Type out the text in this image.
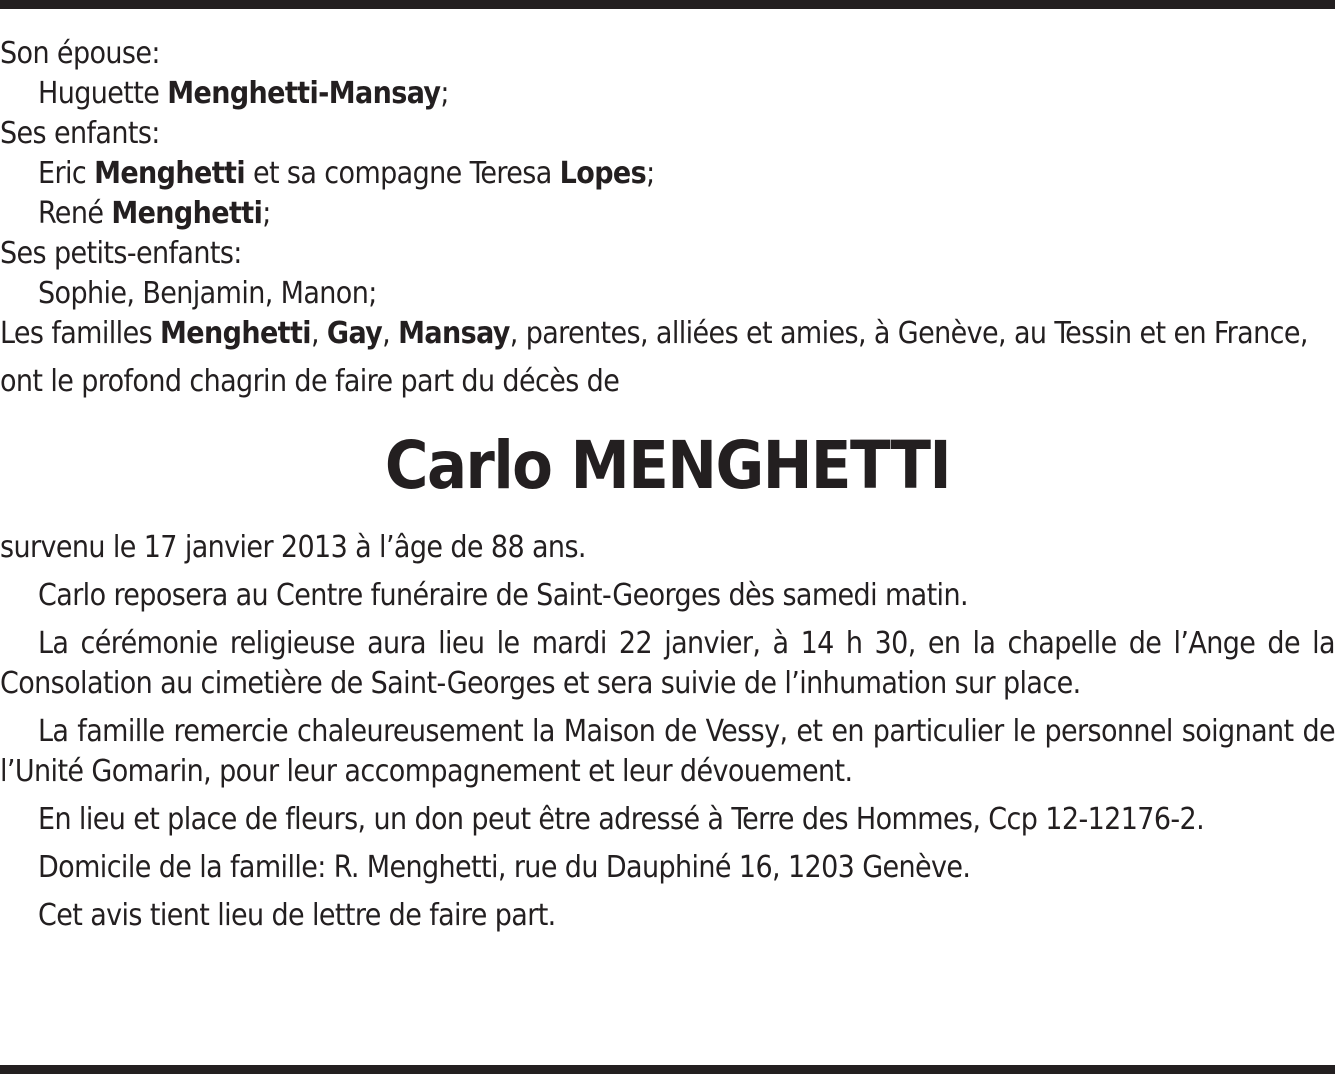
Son épouse:

Huguette Menghetti-Mansay;

Ses enfants:

Eric Menghetti et sa compagne Teresa Lopes;

René Menghetti;

Ses petits-enfants:

Sophie, Benjamin, Manon;

Les familles Menghetti, Gay, Mansay, parentes, alliées et amies, à Genève, au Tessin et en France,

ont le profond chagrin de faire part du décès de

Carlo MENGHETTI

survenu le 17 janvier 2013 à l’âge de 88 ans.

Carlo reposera au Centre funéraire de Saint-Georges dès samedi matin.

La cérémonie religieuse aura lieu le mardi 22 janvier, à 14 h 30, en la chapelle de l’Ange de la Consolation au cimetière de Saint-Georges et sera suivie de l’inhumation sur place.

La famille remercie chaleureusement la Maison de Vessy, et en particulier le personnel soignant de l’Unité Gomarin, pour leur accompagnement et leur dévouement.

En lieu et place de fleurs, un don peut être adressé à Terre des Hommes, Ccp 12-12176-2.

Domicile de la famille: R. Menghetti, rue du Dauphiné 16, 1203 Genève.

Cet avis tient lieu de lettre de faire part.
